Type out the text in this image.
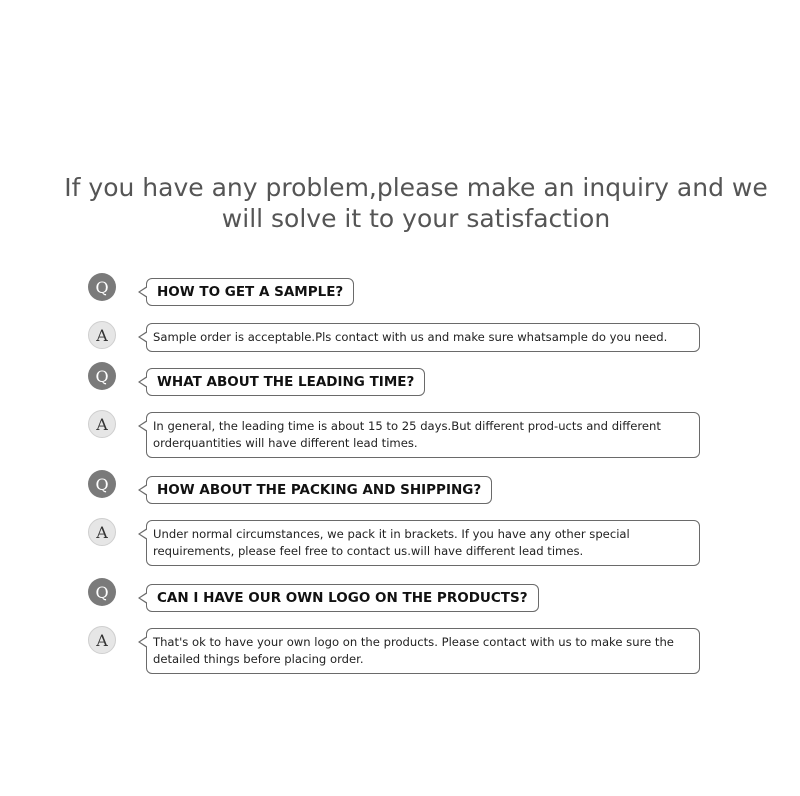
If you have any problem,please make an inquiry and we
will solve it to your satisfaction
Q	HOW TO GET A SAMPLE?
A	Sample order is acceptable.Pls contact with us and make sure whatsample do you need.
Q	WHAT ABOUT THE LEADING TIME?
A	In general, the leading time is about 15 to 25 days.But different prod-ucts and different orderquantities will have different lead times.
Q	HOW ABOUT THE PACKING AND SHIPPING?
A	Under normal circumstances, we pack it in brackets. If you have any other special requirements, please feel free to contact us.will have different lead times.
Q	CAN I HAVE OUR OWN LOGO ON THE PRODUCTS?
A	That's ok to have your own logo on the products. Please contact with us to make sure the detailed things before placing order.
